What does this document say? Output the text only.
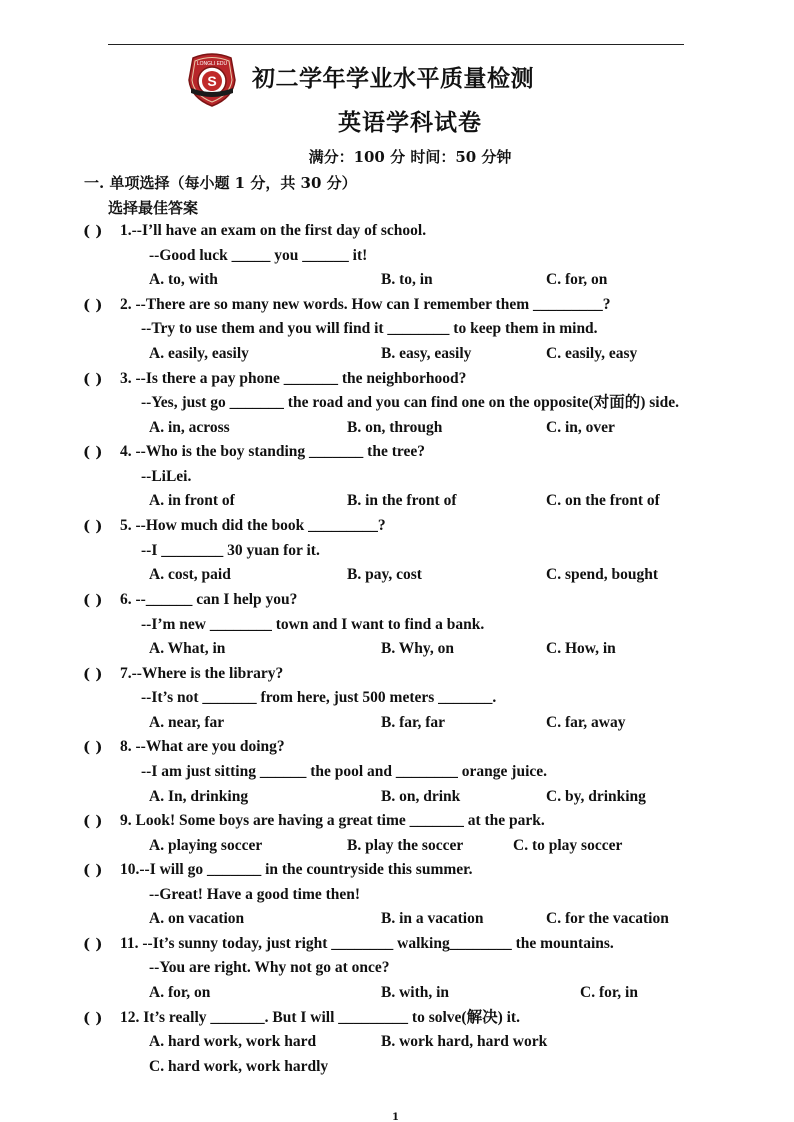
S
LONGLI EDU
初二学年学业水平质量检测
英语学科试卷
满分：100 分 时间：50 分钟
一. 单项选择（每小题 1 分，共 30 分）
选择最佳答案
( ) 1.--I’ll have an exam on the first day of school.
--Good luck _____ you ______ it!
A. to, with	B. to, in	C. for, on
( ) 2. --There are so many new words. How can I remember them _________?
--Try to use them and you will find it ________ to keep them in mind.
A. easily, easily	B. easy, easily	C. easily, easy
( ) 3. --Is there a pay phone _______ the neighborhood?
--Yes, just go _______ the road and you can find one on the opposite(对面的) side.
A. in, across	B. on, through	C. in, over
( ) 4. --Who is the boy standing _______ the tree?
--LiLei.
A. in front of	B. in the front of	C. on the front of
( ) 5. --How much did the book _________?
--I ________ 30 yuan for it.
A. cost, paid	B. pay, cost	C. spend, bought
( ) 6. --______ can I help you?
--I’m new ________ town and I want to find a bank.
A. What, in	B. Why, on	C. How, in
( ) 7.--Where is the library?
--It’s not _______ from here, just 500 meters _______.
A. near, far	B. far, far	C. far, away
( ) 8. --What are you doing?
--I am just sitting ______ the pool and ________ orange juice.
A. In, drinking	B. on, drink	C. by, drinking
( ) 9. Look! Some boys are having a great time _______ at the park.
A. playing soccer	B. play the soccer	C. to play soccer
( ) 10.--I will go _______ in the countryside this summer.
--Great! Have a good time then!
A. on vacation	B. in a vacation	C. for the vacation
( ) 11. --It’s sunny today, just right ________ walking________ the mountains.
--You are right. Why not go at once?
A. for, on	B. with, in	C. for, in
( ) 12. It’s really _______. But I will _________ to solve(解决) it.
A. hard work, work hard	B. work hard, hard work
C. hard work, work hardly
1
